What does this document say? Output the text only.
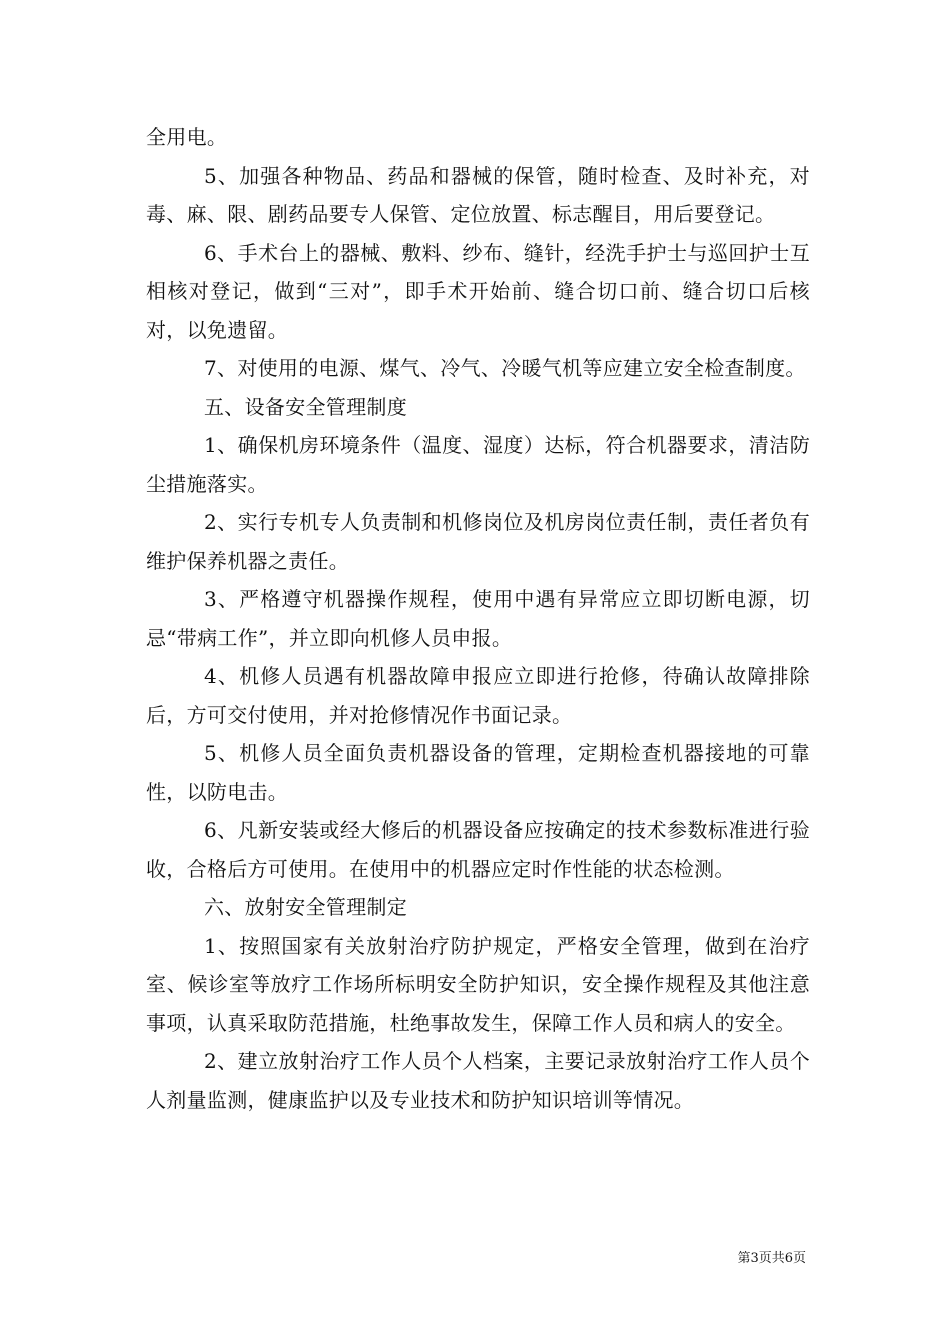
全用电。

5、加强各种物品、药品和器械的保管，随时检查、及时补充，对毒、麻、限、剧药品要专人保管、定位放置、标志醒目，用后要登记。

6、手术台上的器械、敷料、纱布、缝针，经洗手护士与巡回护士互相核对登记，做到“三对”，即手术开始前、缝合切口前、缝合切口后核对，以免遗留。

7、对使用的电源、煤气、冷气、冷暖气机等应建立安全检查制度。

五、设备安全管理制度

1、确保机房环境条件（温度、湿度）达标，符合机器要求，清洁防尘措施落实。

2、实行专机专人负责制和机修岗位及机房岗位责任制，责任者负有维护保养机器之责任。

3、严格遵守机器操作规程，使用中遇有异常应立即切断电源，切忌“带病工作”，并立即向机修人员申报。

4、机修人员遇有机器故障申报应立即进行抢修，待确认故障排除后，方可交付使用，并对抢修情况作书面记录。

5、机修人员全面负责机器设备的管理，定期检查机器接地的可靠性，以防电击。

6、凡新安装或经大修后的机器设备应按确定的技术参数标准进行验收，合格后方可使用。在使用中的机器应定时作性能的状态检测。

六、放射安全管理制定

1、按照国家有关放射治疗防护规定，严格安全管理，做到在治疗室、候诊室等放疗工作场所标明安全防护知识，安全操作规程及其他注意事项，认真采取防范措施，杜绝事故发生，保障工作人员和病人的安全。

2、建立放射治疗工作人员个人档案，主要记录放射治疗工作人员个人剂量监测，健康监护以及专业技术和防护知识培训等情况。

第3页共6页
